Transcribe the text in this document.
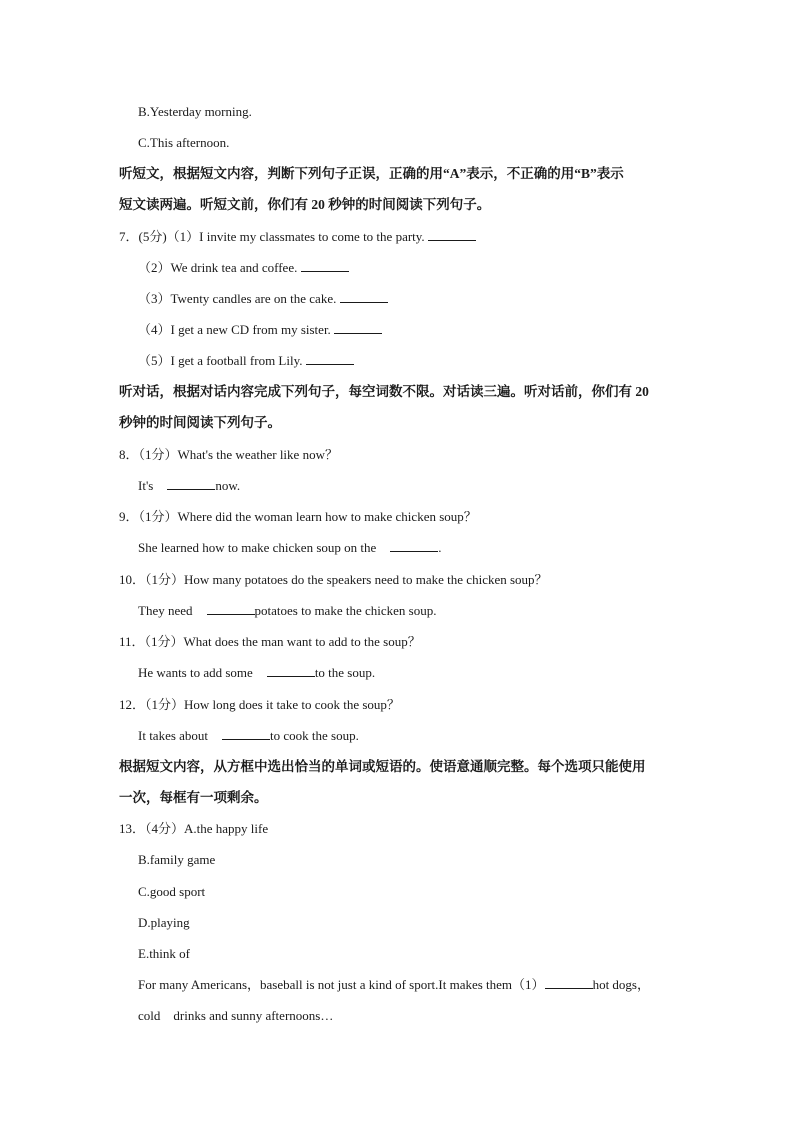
B.Yesterday morning.
C.This afternoon.
听短文，根据短文内容，判断下列句子正误，正确的用“A”表示，不正确的用“B”表示
短文读两遍。听短文前，你们有 20 秒钟的时间阅读下列句子。
7．(5分)（1）I invite my classmates to come to the party.
（2）We drink tea and coffee.
（3）Twenty candles are on the cake.
（4）I get a new CD from my sister.
（5）I get a football from Lily.
听对话，根据对话内容完成下列句子，每空词数不限。对话读三遍。听对话前，你们有 20
秒钟的时间阅读下列句子。
8．（1分）What's the weather like now？
It's	now.
9．（1分）Where did the woman learn how to make chicken soup？
She learned how to make chicken soup on the	.
10．（1分）How many potatoes do the speakers need to make the chicken soup？
They need	potatoes to make the chicken soup.
11．（1分）What does the man want to add to the soup？
He wants to add some	to the soup.
12．（1分）How long does it take to cook the soup？
It takes about	to cook the soup.
根据短文内容，从方框中选出恰当的单词或短语的。使语意通顺完整。每个选项只能使用
一次，每框有一项剩余。
13．（4分）A.the happy life
B.family game
C.good sport
D.playing
E.think of
For many Americans，baseball is not just a kind of sport.It makes them（1）	hot dogs，
cold    drinks and sunny afternoons…
